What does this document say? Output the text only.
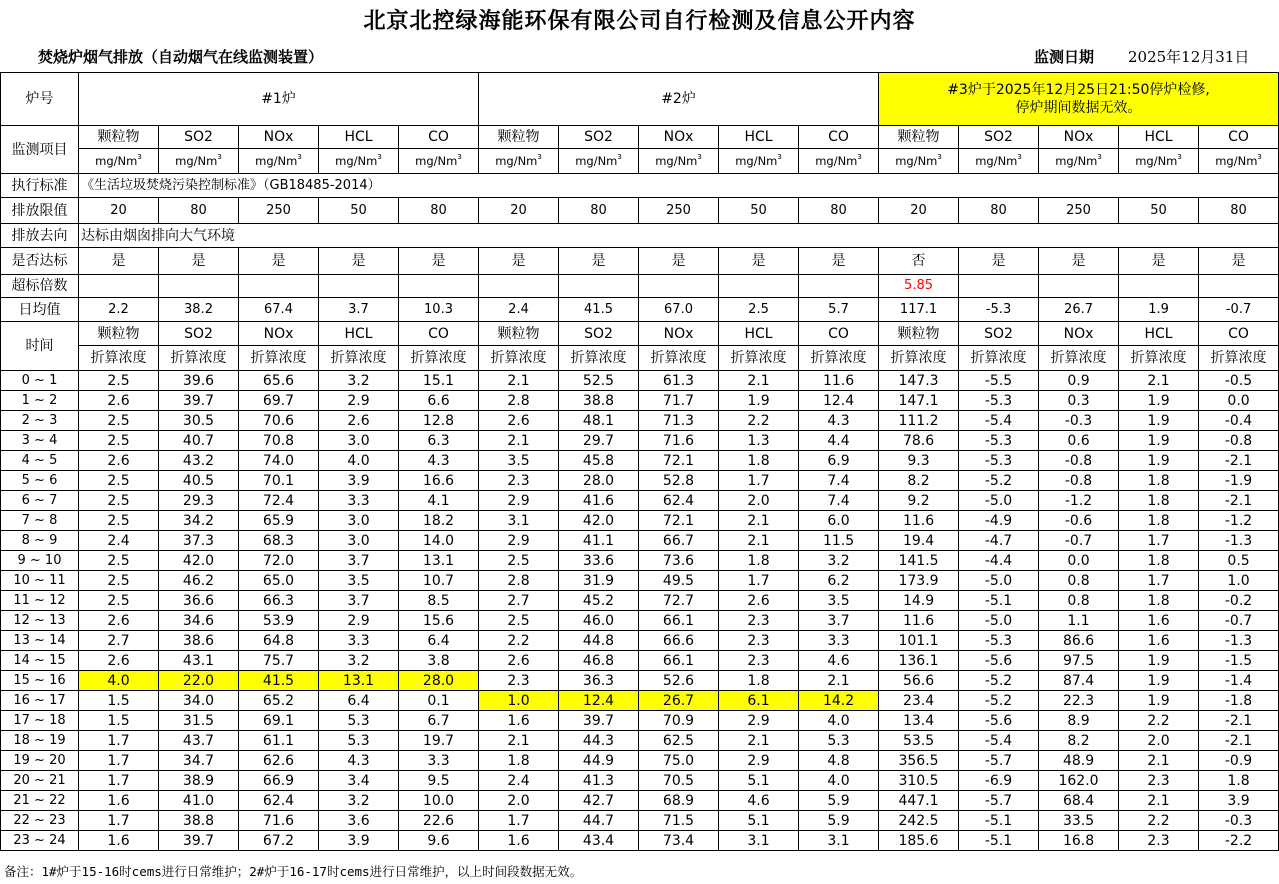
北京北控绿海能环保有限公司自行检测及信息公开内容
焚烧炉烟气排放（自动烟气在线监测装置）	监测日期 2025年12月31日
炉号	#1炉					#2炉					#3炉于2025年12月25日21:50停炉检修,
停炉期间数据无效。				

监测项目	颗粒物	SO2	NOx	HCL	CO	颗粒物	SO2	NOx	HCL	CO	颗粒物	SO2	NOx	HCL	CO
	mg/Nm$^3$	mg/Nm$^3$	mg/Nm$^3$	mg/Nm$^3$	mg/Nm$^3$	mg/Nm$^3$	mg/Nm$^3$	mg/Nm$^3$	mg/Nm$^3$	mg/Nm$^3$	mg/Nm$^3$	mg/Nm$^3$	mg/Nm$^3$	mg/Nm$^3$	mg/Nm$^3$
执行标准	《生活垃圾焚烧污染控制标准》（GB18485-2014）														
排放限值	20	80	250	50	80	20	80	250	50	80	20	80	250	50	80
排放去向	达标由烟囱排向大气环境														
是否达标	是	是	是	是	是	是	是	是	是	是	否	是	是	是	是
超标倍数											5.85				
日均值	2.2	38.2	67.4	3.7	10.3	2.4	41.5	67.0	2.5	5.7	117.1	-5.3	26.7	1.9	-0.7
时间	颗粒物	SO2	NOx	HCL	CO	颗粒物	SO2	NOx	HCL	CO	颗粒物	SO2	NOx	HCL	CO
	折算浓度	折算浓度	折算浓度	折算浓度	折算浓度	折算浓度	折算浓度	折算浓度	折算浓度	折算浓度	折算浓度	折算浓度	折算浓度	折算浓度	折算浓度
0 ~ 1	2.5	39.6	65.6	3.2	15.1	2.1	52.5	61.3	2.1	11.6	147.3	-5.5	0.9	2.1	-0.5
1 ~ 2	2.6	39.7	69.7	2.9	6.6	2.8	38.8	71.7	1.9	12.4	147.1	-5.3	0.3	1.9	0.0
2 ~ 3	2.5	30.5	70.6	2.6	12.8	2.6	48.1	71.3	2.2	4.3	111.2	-5.4	-0.3	1.9	-0.4
3 ~ 4	2.5	40.7	70.8	3.0	6.3	2.1	29.7	71.6	1.3	4.4	78.6	-5.3	0.6	1.9	-0.8
4 ~ 5	2.6	43.2	74.0	4.0	4.3	3.5	45.8	72.1	1.8	6.9	9.3	-5.3	-0.8	1.9	-2.1
5 ~ 6	2.5	40.5	70.1	3.9	16.6	2.3	28.0	52.8	1.7	7.4	8.2	-5.2	-0.8	1.8	-1.9
6 ~ 7	2.5	29.3	72.4	3.3	4.1	2.9	41.6	62.4	2.0	7.4	9.2	-5.0	-1.2	1.8	-2.1
7 ~ 8	2.5	34.2	65.9	3.0	18.2	3.1	42.0	72.1	2.1	6.0	11.6	-4.9	-0.6	1.8	-1.2
8 ~ 9	2.4	37.3	68.3	3.0	14.0	2.9	41.1	66.7	2.1	11.5	19.4	-4.7	-0.7	1.7	-1.3
9 ~ 10	2.5	42.0	72.0	3.7	13.1	2.5	33.6	73.6	1.8	3.2	141.5	-4.4	0.0	1.8	0.5
10 ~ 11	2.5	46.2	65.0	3.5	10.7	2.8	31.9	49.5	1.7	6.2	173.9	-5.0	0.8	1.7	1.0
11 ~ 12	2.5	36.6	66.3	3.7	8.5	2.7	45.2	72.7	2.6	3.5	14.9	-5.1	0.8	1.8	-0.2
12 ~ 13	2.6	34.6	53.9	2.9	15.6	2.5	46.0	66.1	2.3	3.7	11.6	-5.0	1.1	1.6	-0.7
13 ~ 14	2.7	38.6	64.8	3.3	6.4	2.2	44.8	66.6	2.3	3.3	101.1	-5.3	86.6	1.6	-1.3
14 ~ 15	2.6	43.1	75.7	3.2	3.8	2.6	46.8	66.1	2.3	4.6	136.1	-5.6	97.5	1.9	-1.5
15 ~ 16	4.0	22.0	41.5	13.1	28.0	2.3	36.3	52.6	1.8	2.1	56.6	-5.2	87.4	1.9	-1.4
16 ~ 17	1.5	34.0	65.2	6.4	0.1	1.0	12.4	26.7	6.1	14.2	23.4	-5.2	22.3	1.9	-1.8
17 ~ 18	1.5	31.5	69.1	5.3	6.7	1.6	39.7	70.9	2.9	4.0	13.4	-5.6	8.9	2.2	-2.1
18 ~ 19	1.7	43.7	61.1	5.3	19.7	2.1	44.3	62.5	2.1	5.3	53.5	-5.4	8.2	2.0	-2.1
19 ~ 20	1.7	34.7	62.6	4.3	3.3	1.8	44.9	75.0	2.9	4.8	356.5	-5.7	48.9	2.1	-0.9
20 ~ 21	1.7	38.9	66.9	3.4	9.5	2.4	41.3	70.5	5.1	4.0	310.5	-6.9	162.0	2.3	1.8
21 ~ 22	1.6	41.0	62.4	3.2	10.0	2.0	42.7	68.9	4.6	5.9	447.1	-5.7	68.4	2.1	3.9
22 ~ 23	1.7	38.8	71.6	3.6	22.6	1.7	44.7	71.5	5.1	5.9	242.5	-5.1	33.5	2.2	-0.3
23 ~ 24	1.6	39.7	67.2	3.9	9.6	1.6	43.4	73.4	3.1	3.1	185.6	-5.1	16.8	2.3	-2.2
备注：1#炉于15-16时cems进行日常维护；2#炉于16-17时cems进行日常维护，以上时间段数据无效。
